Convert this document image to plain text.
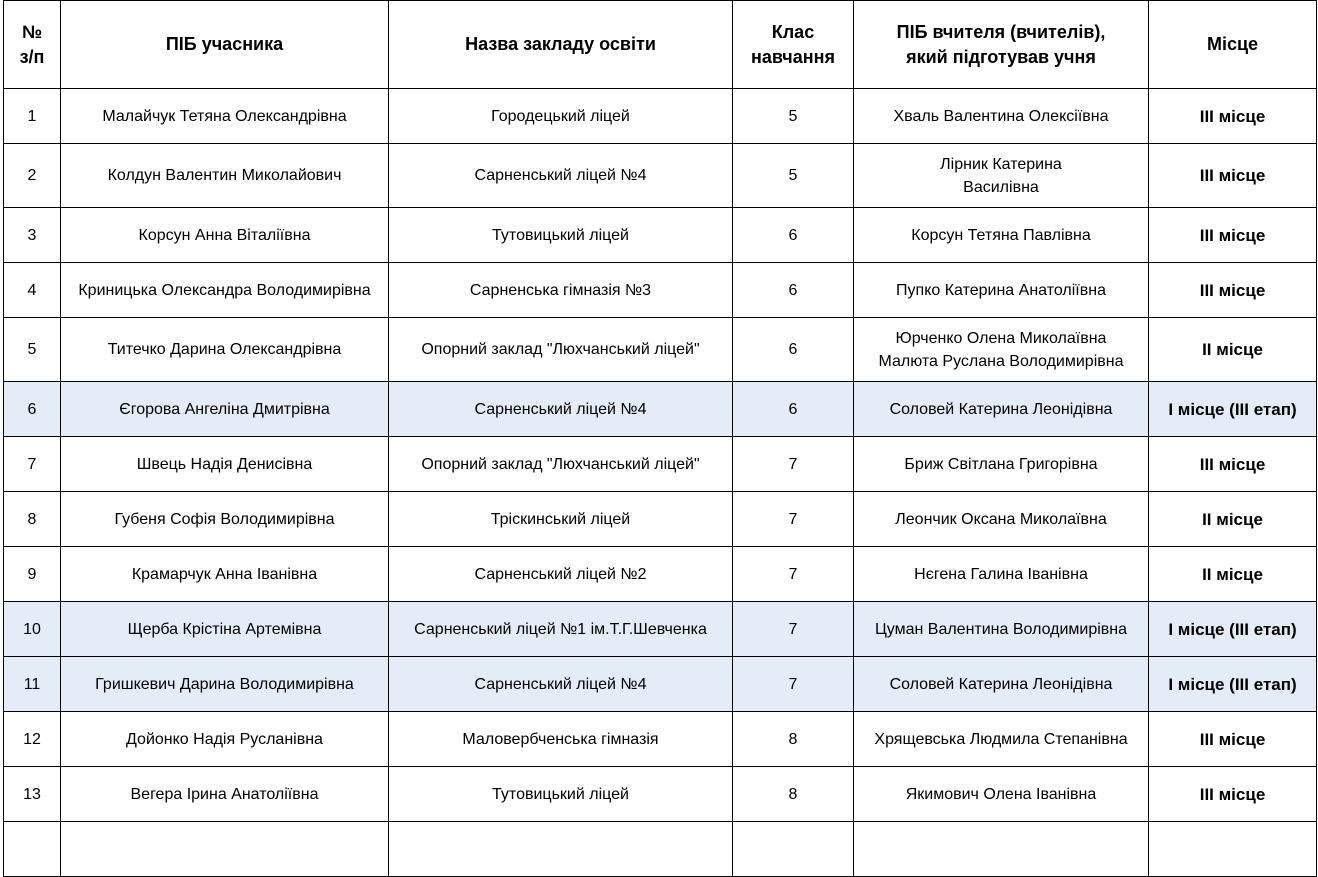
№
з/п	ПІБ учасника	Назва закладу освіти	Клас
навчання	ПІБ вчителя (вчителів),
який підготував учня	Місце
1	Малайчук Тетяна Олександрівна	Городецький ліцей	5	Хваль Валентина Олексіївна	ІІІ місце
2	Колдун Валентин Миколайович	Сарненський ліцей №4	5	Лірник Катерина
Василівна	ІІІ місце
3	Корсун Анна Віталіївна	Тутовицький ліцей	6	Корсун Тетяна Павлівна	ІІІ місце
4	Криницька Олександра Володимирівна	Сарненська гімназія №3	6	Пупко Катерина Анатоліївна	ІІІ місце
5	Титечко Дарина Олександрівна	Опорний заклад "Люхчанський ліцей"	6	Юрченко Олена Миколаївна
Малюта Руслана Володимирівна	ІІ місце
6	Єгорова Ангеліна Дмитрівна	Сарненський ліцей №4	6	Соловей Катерина Леонідівна	І місце (ІІІ етап)
7	Швець Надія Денисівна	Опорний заклад "Люхчанський ліцей"	7	Бриж Світлана Григорівна	ІІІ місце
8	Губеня Софія Володимирівна	Тріскинський ліцей	7	Леончик Оксана Миколаївна	ІІ місце
9	Крамарчук Анна Іванівна	Сарненський ліцей №2	7	Нєгена Галина Іванівна	ІІ місце
10	Щерба Крістіна Артемівна	Сарненський ліцей №1 ім.Т.Г.Шевченка	7	Цуман Валентина Володимирівна	І місце (ІІІ етап)
11	Гришкевич Дарина Володимирівна	Сарненський ліцей №4	7	Соловей Катерина Леонідівна	І місце (ІІІ етап)
12	Дойонко Надія Русланівна	Маловербченська гімназія	8	Хрящевська Людмила Степанівна	ІІІ місце
13	Вегера Ірина Анатоліївна	Тутовицький ліцей	8	Якимович Олена Іванівна	ІІІ місце
